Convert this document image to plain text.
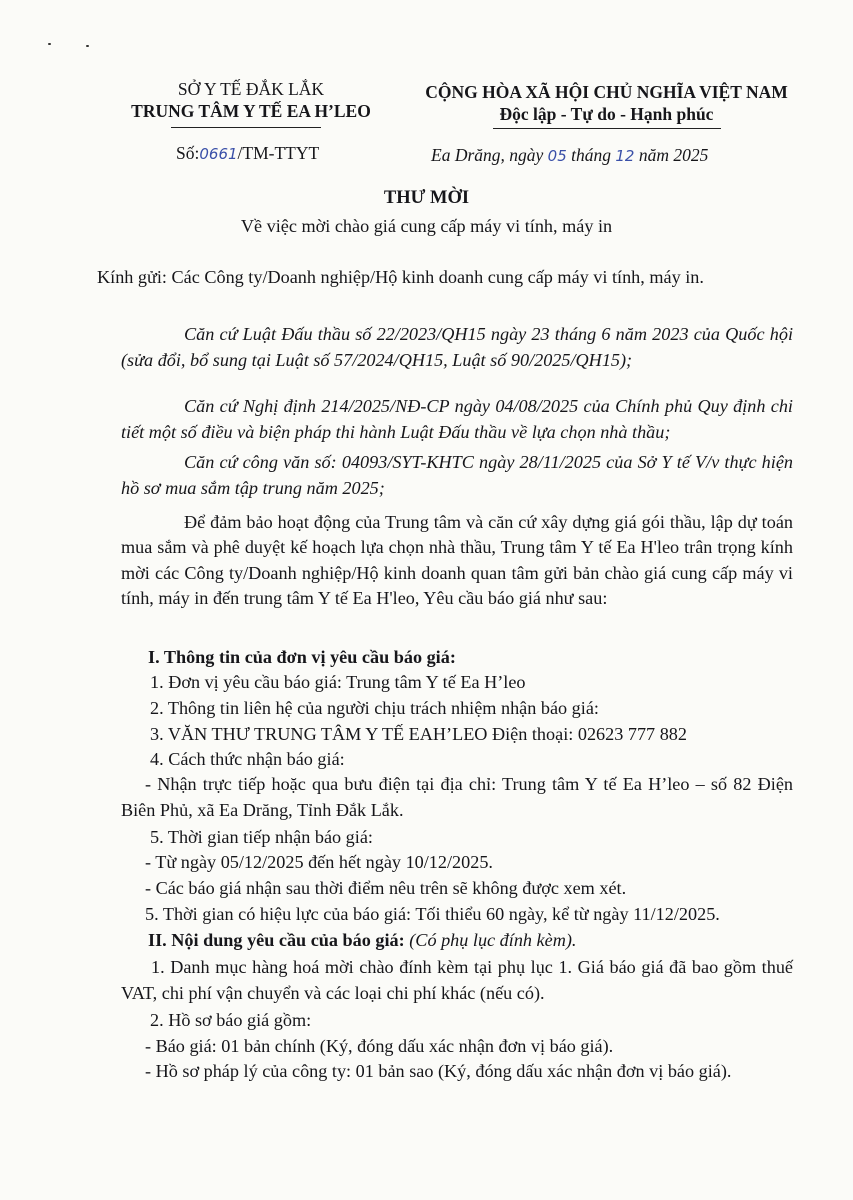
SỞ Y TẾ ĐẮK LẮK
TRUNG TÂM Y TẾ EA H’LEO
Số:0661/TM-TTYT
CỘNG HÒA XÃ HỘI CHỦ NGHĨA VIỆT NAM
Độc lập - Tự do - Hạnh phúc
Ea Drăng, ngày 05 tháng 12 năm 2025
THƯ MỜI
Về việc mời chào giá cung cấp máy vi tính, máy in
Kính gửi: Các Công ty/Doanh nghiệp/Hộ kinh doanh cung cấp máy vi tính, máy in.
Căn cứ Luật Đấu thầu số 22/2023/QH15 ngày 23 tháng 6 năm 2023 của Quốc hội (sửa đổi, bổ sung tại Luật số 57/2024/QH15, Luật số 90/2025/QH15);
Căn cứ Nghị định 214/2025/NĐ-CP ngày 04/08/2025 của Chính phủ Quy định chi tiết một số điều và biện pháp thi hành Luật Đấu thầu về lựa chọn nhà thầu;
Căn cứ công văn số: 04093/SYT-KHTC ngày 28/11/2025 của Sở Y tế V/v thực hiện hồ sơ mua sắm tập trung năm 2025;
Để đảm bảo hoạt động của Trung tâm và căn cứ xây dựng giá gói thầu, lập dự toán mua sắm và phê duyệt kế hoạch lựa chọn nhà thầu, Trung tâm Y tế Ea H'leo trân trọng kính mời các Công ty/Doanh nghiệp/Hộ kinh doanh quan tâm gửi bản chào giá cung cấp máy vi tính, máy in đến trung tâm Y tế Ea H'leo, Yêu cầu báo giá như sau:
I. Thông tin của đơn vị yêu cầu báo giá:
1. Đơn vị yêu cầu báo giá: Trung tâm Y tế Ea H’leo
2. Thông tin liên hệ của người chịu trách nhiệm nhận báo giá:
3. VĂN THƯ TRUNG TÂM Y TẾ EAH’LEO Điện thoại: 02623 777 882
4. Cách thức nhận báo giá:
- Nhận trực tiếp hoặc qua bưu điện tại địa chỉ: Trung tâm Y tế Ea H’leo – số 82 Điện Biên Phủ, xã Ea Drăng, Tỉnh Đắk Lắk.
5. Thời gian tiếp nhận báo giá:
- Từ ngày 05/12/2025 đến hết ngày 10/12/2025.
- Các báo giá nhận sau thời điểm nêu trên sẽ không được xem xét.
5. Thời gian có hiệu lực của báo giá: Tối thiểu 60 ngày, kể từ ngày 11/12/2025.
II. Nội dung yêu cầu của báo giá: (Có phụ lục đính kèm).
1. Danh mục hàng hoá mời chào đính kèm tại phụ lục 1. Giá báo giá đã bao gồm thuế VAT, chi phí vận chuyển và các loại chi phí khác (nếu có).
2. Hồ sơ báo giá gồm:
- Báo giá: 01 bản chính (Ký, đóng dấu xác nhận đơn vị báo giá).
- Hồ sơ pháp lý của công ty: 01 bản sao (Ký, đóng dấu xác nhận đơn vị báo giá).
